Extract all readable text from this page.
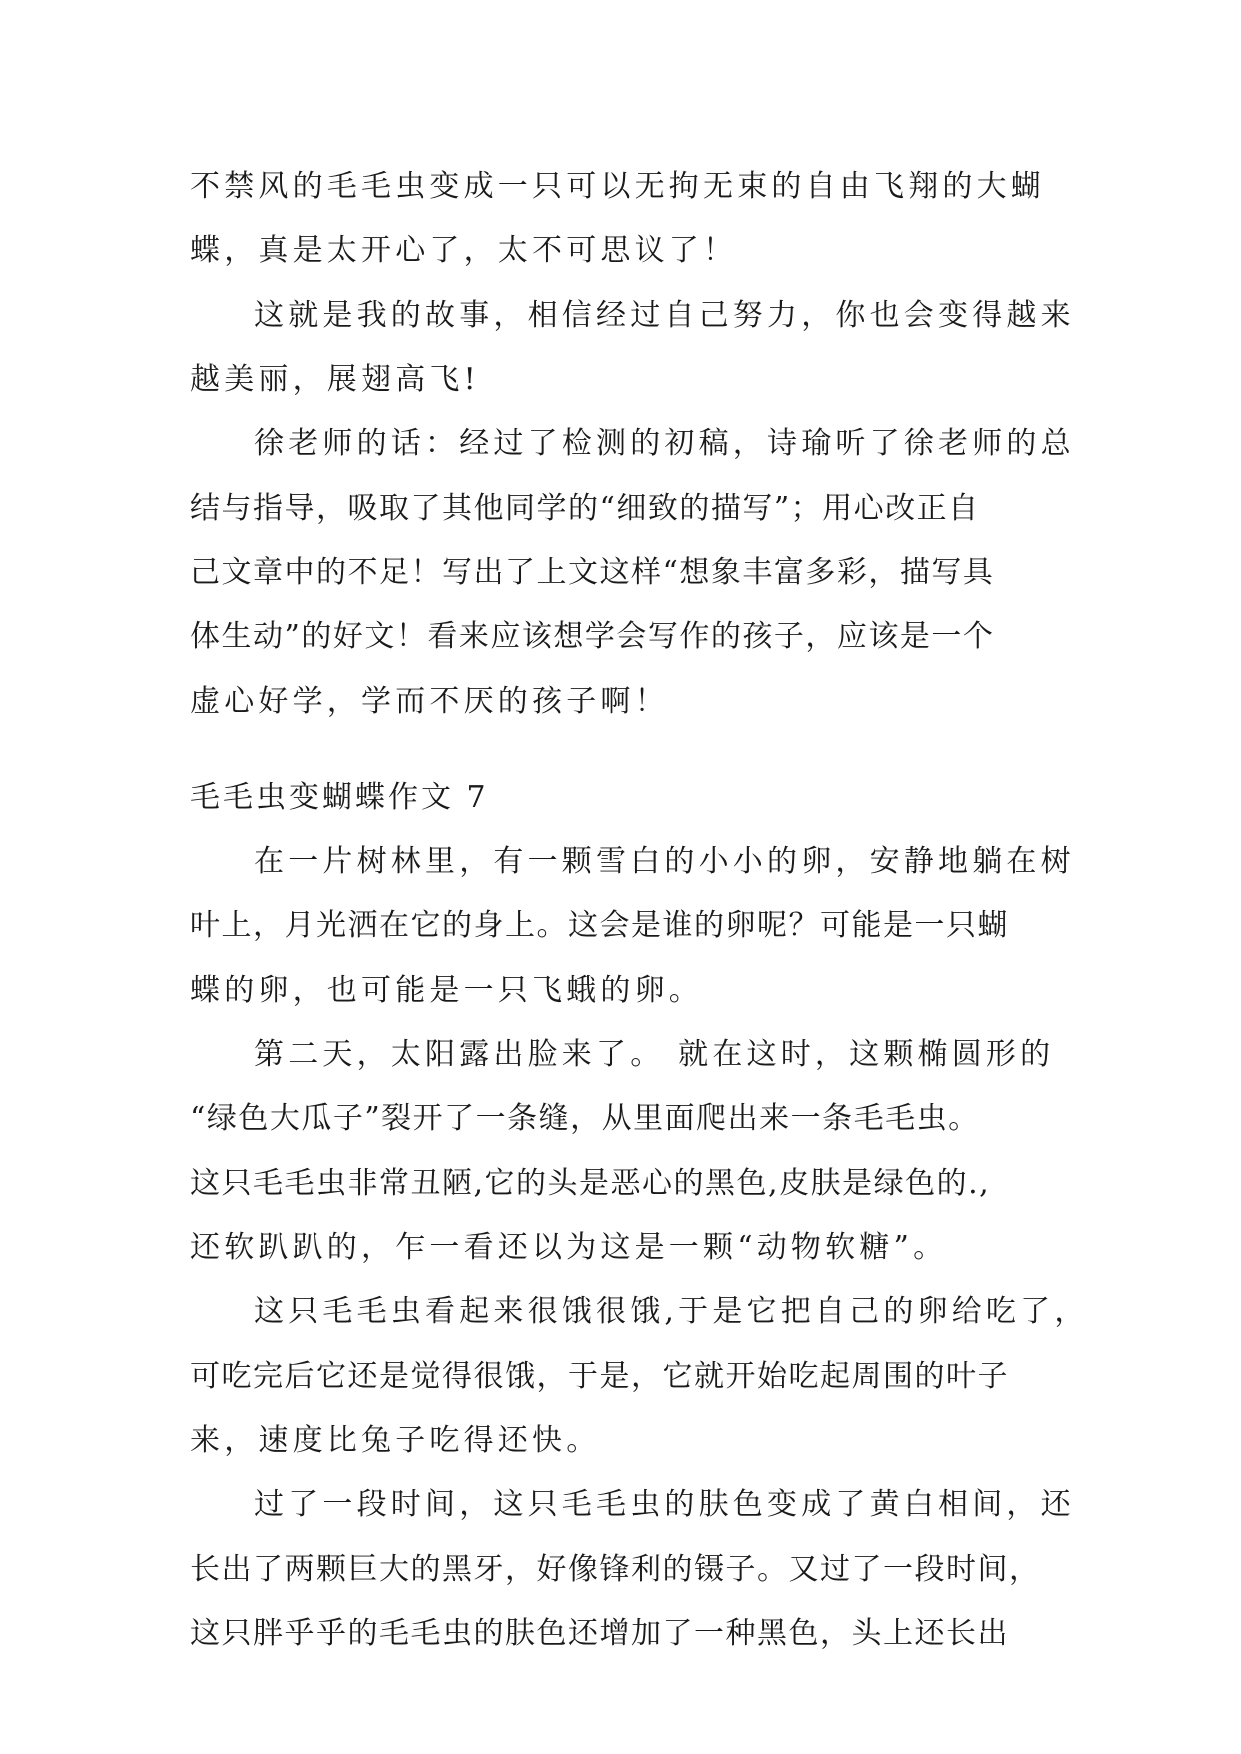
不禁风的毛毛虫变成一只可以无拘无束的自由飞翔的大蝴

蝶，真是太开心了，太不可思议了！

这就是我的故事，相信经过自己努力，你也会变得越来

越美丽，展翅高飞!

徐老师的话：经过了检测的初稿，诗瑜听了徐老师的总

结与指导，吸取了其他同学的“细致的描写”；用心改正自

己文章中的不足！写出了上文这样“想象丰富多彩，描写具

体生动”的好文！看来应该想学会写作的孩子，应该是一个

虚心好学，学而不厌的孩子啊！

毛毛虫变蝴蝶作文 7

在一片树林里，有一颗雪白的小小的卵，安静地躺在树

叶上，月光洒在它的身上。这会是谁的卵呢？可能是一只蝴

蝶的卵，也可能是一只飞蛾的卵。

第二天，太阳露出脸来了。 就在这时，这颗椭圆形的

“绿色大瓜子”裂开了一条缝，从里面爬出来一条毛毛虫。

这只毛毛虫非常丑陋,它的头是恶心的黑色,皮肤是绿色的.,

还软趴趴的，乍一看还以为这是一颗“动物软糖”。

这只毛毛虫看起来很饿很饿,于是它把自己的卵给吃了，

可吃完后它还是觉得很饿，于是，它就开始吃起周围的叶子

来，速度比兔子吃得还快。

过了一段时间，这只毛毛虫的肤色变成了黄白相间，还

长出了两颗巨大的黑牙，好像锋利的镊子。又过了一段时间，

这只胖乎乎的毛毛虫的肤色还增加了一种黑色，头上还长出
